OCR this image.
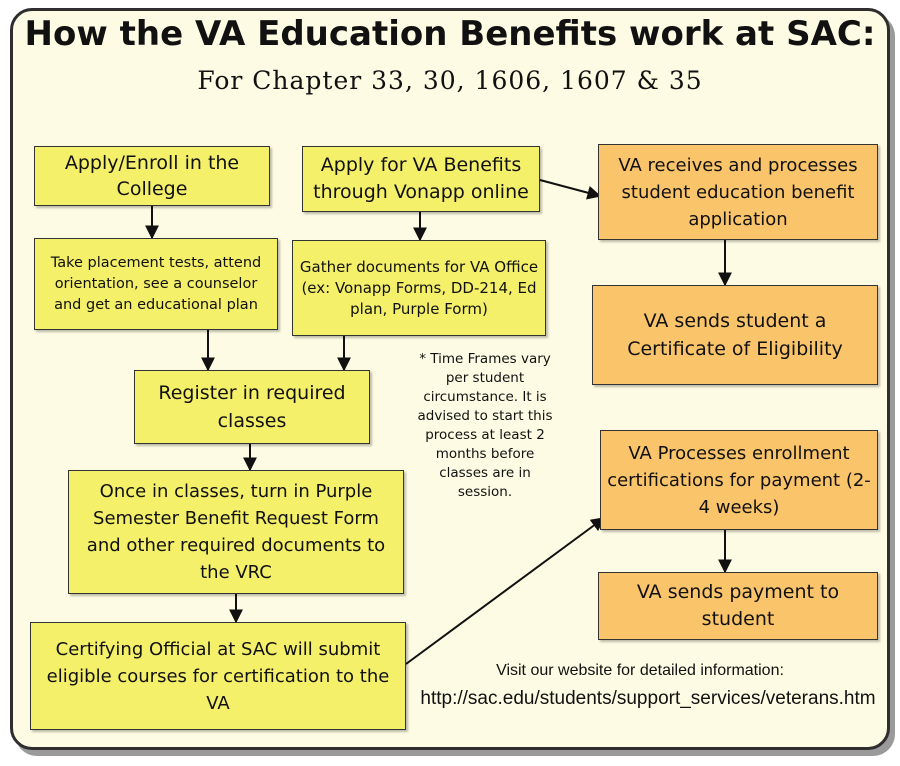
How the VA Education Benefits work at SAC:
For Chapter 33, 30, 1606, 1607 & 35
Apply/Enroll in the College
Take placement tests, attend orientation, see a counselor and get an educational plan
Apply for VA Benefits through Vonapp online
Gather documents for VA Office (ex: Vonapp Forms, DD-214, Ed plan, Purple Form)
Register in required classes
Once in classes, turn in Purple Semester Benefit Request Form and other required documents to the VRC
Certifying Official at SAC will submit eligible courses for certification to the VA
VA receives and processes student education benefit application
VA sends student a Certificate of Eligibility
VA Processes enrollment certifications for payment (2-4 weeks)
VA sends payment to student
* Time Frames vary per student circumstance. It is advised to start this process at least 2 months before classes are in session.
Visit our website for detailed information:
http://sac.edu/students/support_services/veterans.htm
